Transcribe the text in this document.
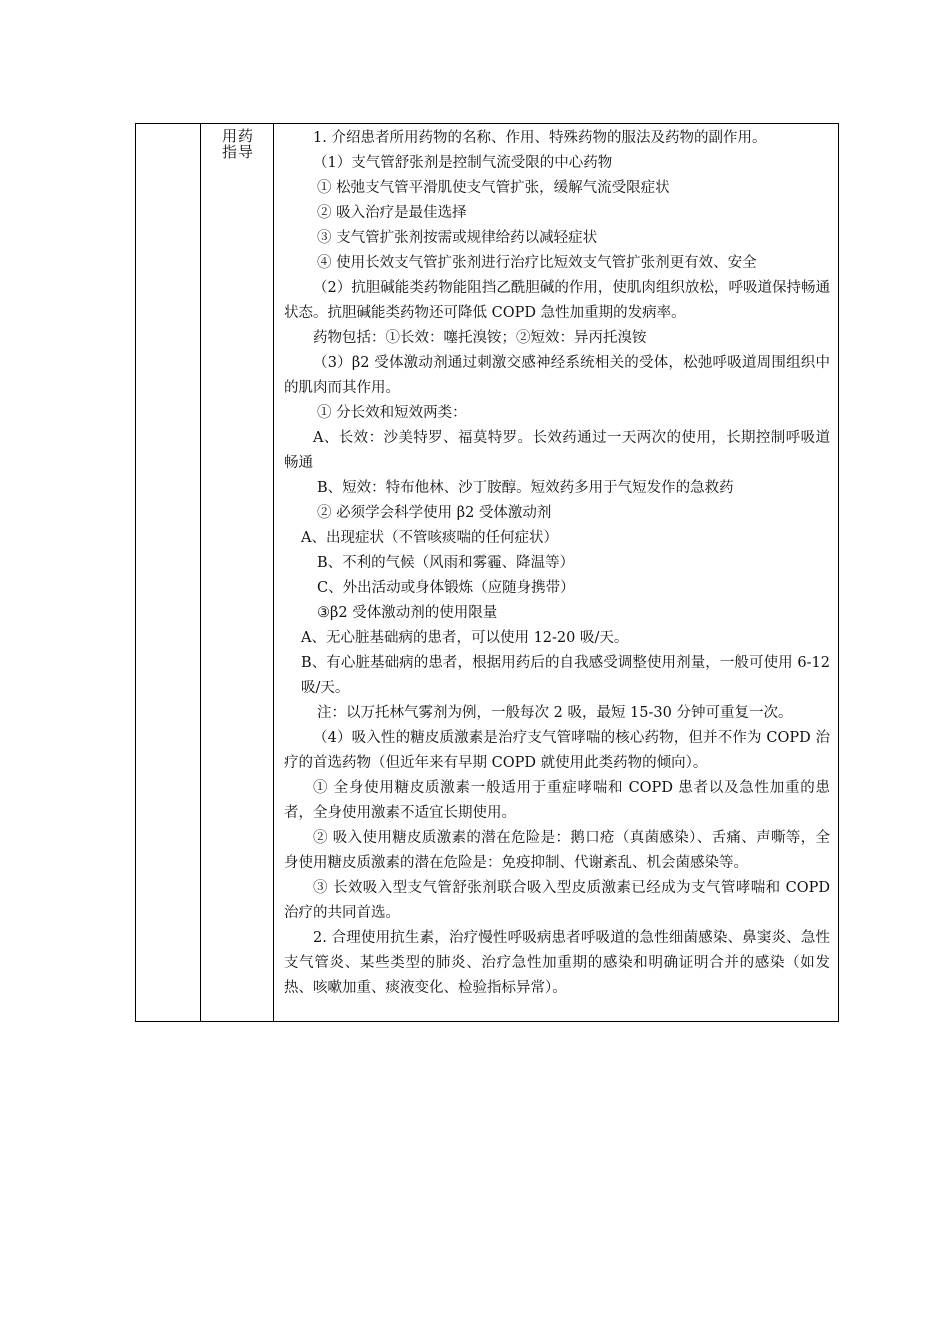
用药
指导

1. 介绍患者所用药物的名称、作用、特殊药物的服法及药物的副作用。

（1）支气管舒张剂是控制气流受限的中心药物

① 松弛支气管平滑肌使支气管扩张，缓解气流受限症状

② 吸入治疗是最佳选择

③ 支气管扩张剂按需或规律给药以减轻症状

④ 使用长效支气管扩张剂进行治疗比短效支气管扩张剂更有效、安全

（2）抗胆碱能类药物能阻挡乙酰胆碱的作用，使肌肉组织放松，呼吸道保持畅通状态。抗胆碱能类药物还可降低 COPD 急性加重期的发病率。

药物包括：①长效：噻托溴铵；②短效：异丙托溴铵

（3）β2 受体激动剂通过刺激交感神经系统相关的受体，松弛呼吸道周围组织中的肌肉而其作用。

① 分长效和短效两类：

A、长效：沙美特罗、福莫特罗。长效药通过一天两次的使用，长期控制呼吸道畅通

B、短效：特布他林、沙丁胺醇。短效药多用于气短发作的急救药

② 必须学会科学使用 β2 受体激动剂

A、出现症状（不管咳痰喘的任何症状）

B、不利的气候（风雨和雾霾、降温等）

C、外出活动或身体锻炼（应随身携带）

③β2 受体激动剂的使用限量

A、无心脏基础病的患者，可以使用 12-20 吸/天。

B、有心脏基础病的患者，根据用药后的自我感受调整使用剂量，一般可使用 6-12 吸/天。

注：以万托林气雾剂为例，一般每次 2 吸，最短 15-30 分钟可重复一次。

（4）吸入性的糖皮质激素是治疗支气管哮喘的核心药物，但并不作为 COPD 治疗的首选药物（但近年来有早期 COPD 就使用此类药物的倾向）。

① 全身使用糖皮质激素一般适用于重症哮喘和 COPD 患者以及急性加重的患者，全身使用激素不适宜长期使用。

② 吸入使用糖皮质激素的潜在危险是：鹅口疮（真菌感染）、舌痛、声嘶等，全身使用糖皮质激素的潜在危险是：免疫抑制、代谢紊乱、机会菌感染等。

③ 长效吸入型支气管舒张剂联合吸入型皮质激素已经成为支气管哮喘和 COPD 治疗的共同首选。

2. 合理使用抗生素，治疗慢性呼吸病患者呼吸道的急性细菌感染、鼻窦炎、急性支气管炎、某些类型的肺炎、治疗急性加重期的感染和明确证明合并的感染（如发热、咳嗽加重、痰液变化、检验指标异常）。
